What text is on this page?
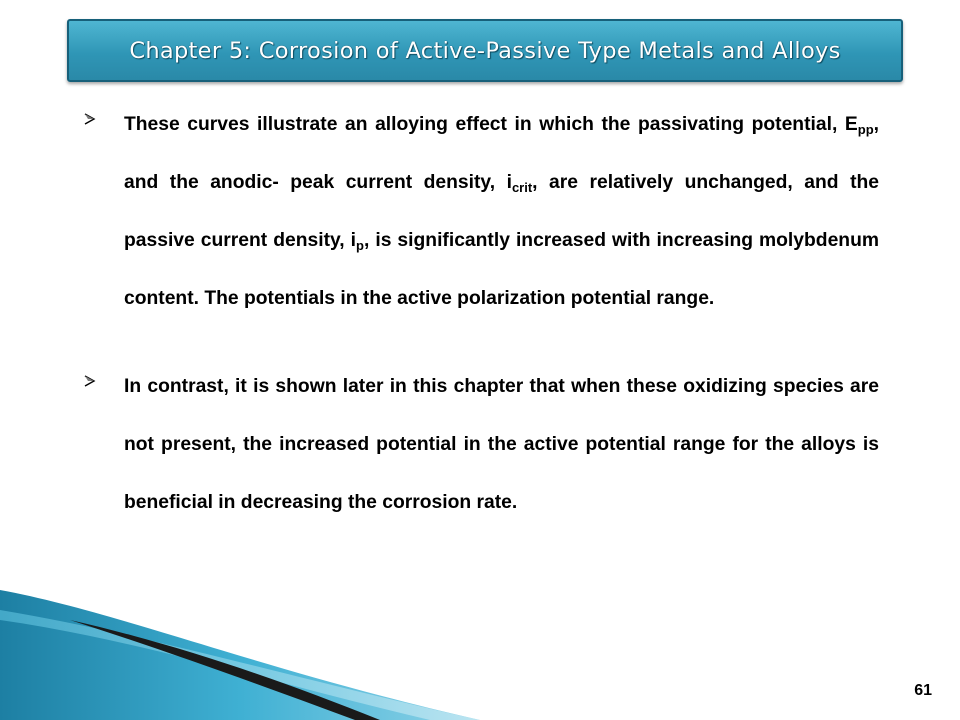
Chapter 5: Corrosion of Active-Passive Type Metals and Alloys

These curves illustrate an alloying effect in which the passivating potential, $E_{pp}$, and the anodic- peak current density, $i_{crit}$, are relatively unchanged, and the passive current density, $i_p$, is significantly increased with increasing molybdenum content. The potentials in the active polarization potential range.

In contrast, it is shown later in this chapter that when these oxidizing species are not present, the increased potential in the active potential range for the alloys is beneficial in decreasing the corrosion rate.

61
